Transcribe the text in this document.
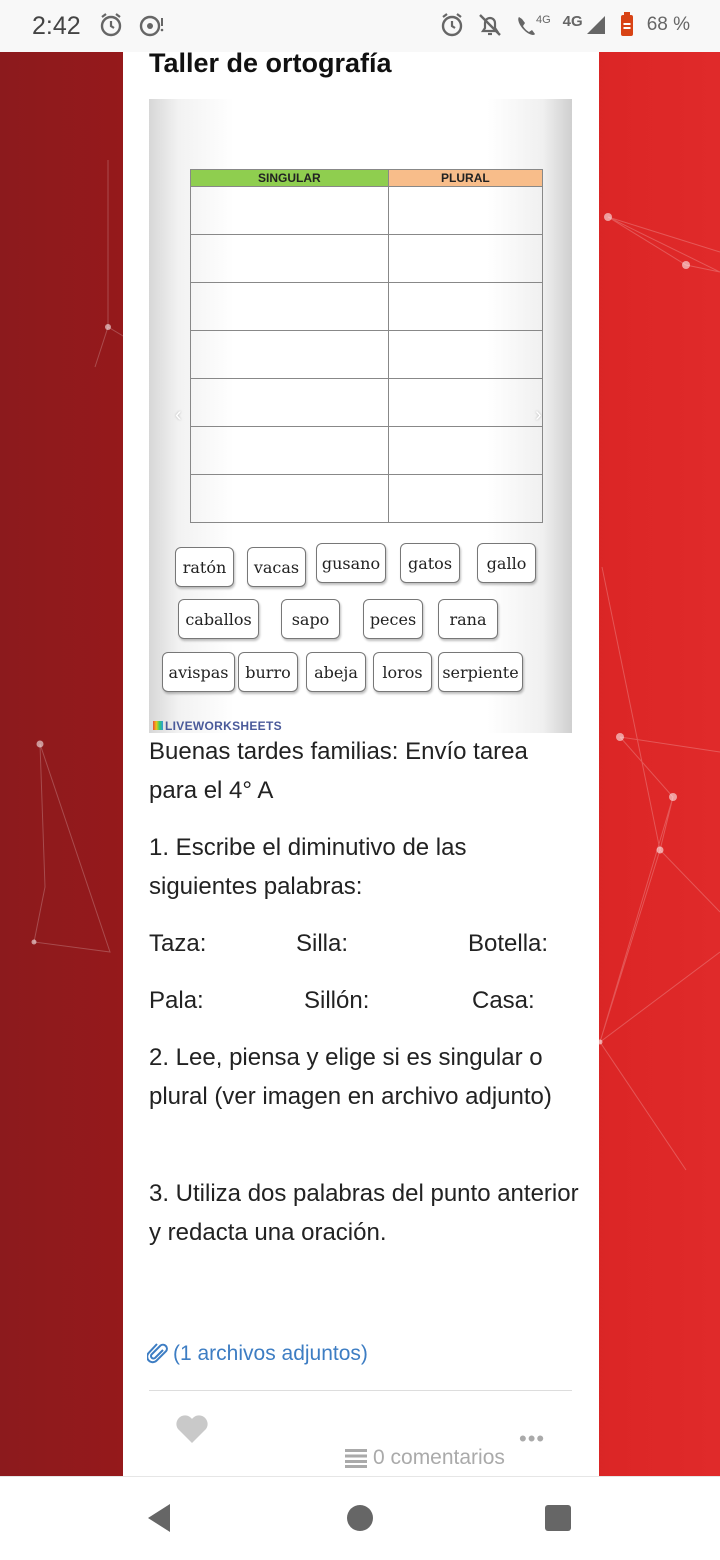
2:42	4G 4G	68 %
Taller de ortografía
SINGULAR	PLURAL

‹	›
ratón	vacas	gusano	gatos	gallo
caballos	sapo	peces	rana
avispas	burro	abeja	loros	serpiente
LIVEWORKSHEETS
Buenas tardes familias: Envío tarea para el 4° A
1. Escribe el diminutivo de las siguientes palabras:
Taza:	Silla:	Botella:
Pala:	Sillón:	Casa:
2. Lee, piensa y elige si es singular o plural (ver imagen en archivo adjunto)
3. Utiliza dos palabras del punto anterior y redacta una oración.
(1 archivos adjuntos)
•••
0 comentarios
